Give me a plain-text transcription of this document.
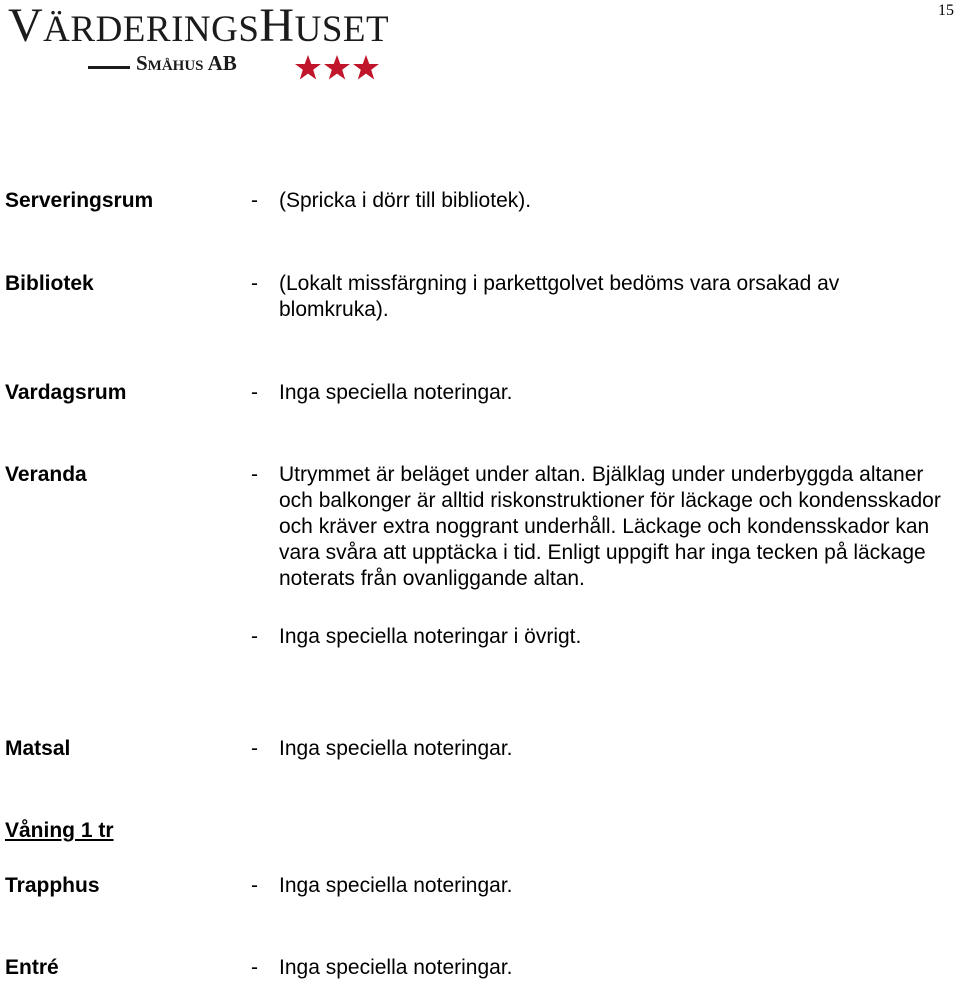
15
VÄRDERINGSHUSET
Småhus AB
Serveringsrum	- (Spricka i dörr till bibliotek).
Bibliotek	- (Lokalt missfärgning i parkettgolvet bedöms vara orsakad av blomkruka).
Vardagsrum	- Inga speciella noteringar.
Veranda	- Utrymmet är beläget under altan. Bjälklag under underbyggda altaner och balkonger är alltid riskonstruktioner för läckage och kondensskador och kräver extra noggrant underhåll. Läckage och kondensskador kan vara svåra att upptäcka i tid. Enligt uppgift har inga tecken på läckage noterats från ovanliggande altan.
- Inga speciella noteringar i övrigt.
Matsal	- Inga speciella noteringar.
Våning 1 tr
Trapphus	- Inga speciella noteringar.
Entré	- Inga speciella noteringar.
